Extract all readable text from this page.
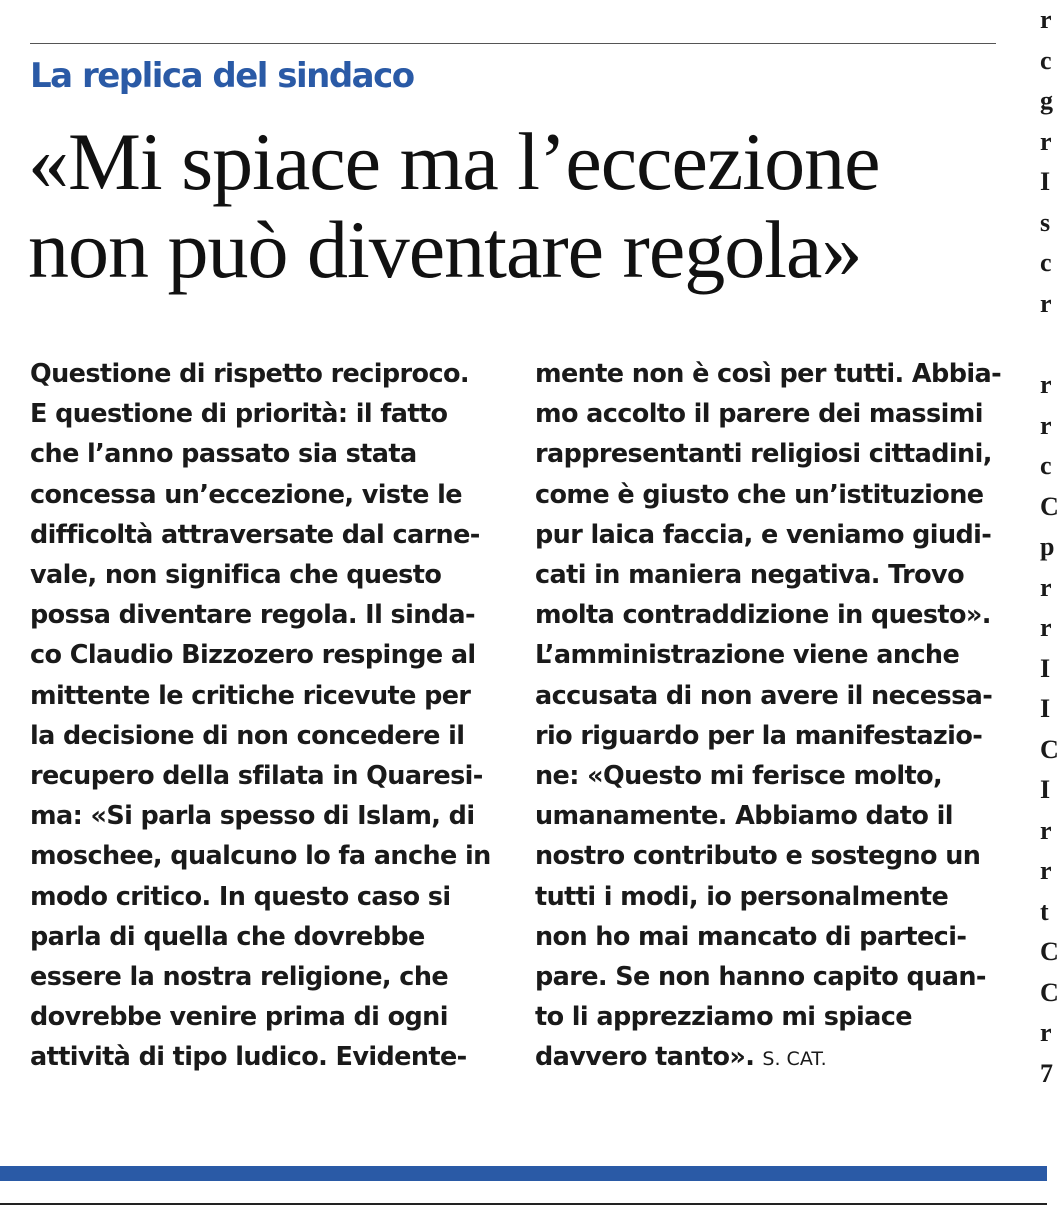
La replica del sindaco
«Mi spiace ma l’eccezione
non può diventare regola»
Questione di rispetto reciproco.
E questione di priorità: il fatto
che l’anno passato sia stata
concessa un’eccezione, viste le
difficoltà attraversate dal carne-
vale, non significa che questo
possa diventare regola. Il sinda-
co Claudio Bizzozero respinge al
mittente le critiche ricevute per
la decisione di non concedere il
recupero della sfilata in Quaresi-
ma: «Si parla spesso di Islam, di
moschee, qualcuno lo fa anche in
modo critico. In questo caso si
parla di quella che dovrebbe
essere la nostra religione, che
dovrebbe venire prima di ogni
attività di tipo ludico. Evidente-
mente non è così per tutti. Abbia-
mo accolto il parere dei massimi
rappresentanti religiosi cittadini,
come è giusto che un’istituzione
pur laica faccia, e veniamo giudi-
cati in maniera negativa. Trovo
molta contraddizione in questo».
L’amministrazione viene anche
accusata di non avere il necessa-
rio riguardo per la manifestazio-
ne: «Questo mi ferisce molto,
umanamente. Abbiamo dato il
nostro contributo e sostegno un
tutti i modi, io personalmente
non ho mai mancato di parteci-
pare. Se non hanno capito quan-
to li apprezziamo mi spiace
davvero tanto». S. CAT.
r
c
g
r
I
s
c
r
r
r
c
C
p
r
r
I
I
C
I
r
r
t
C
C
r
7
